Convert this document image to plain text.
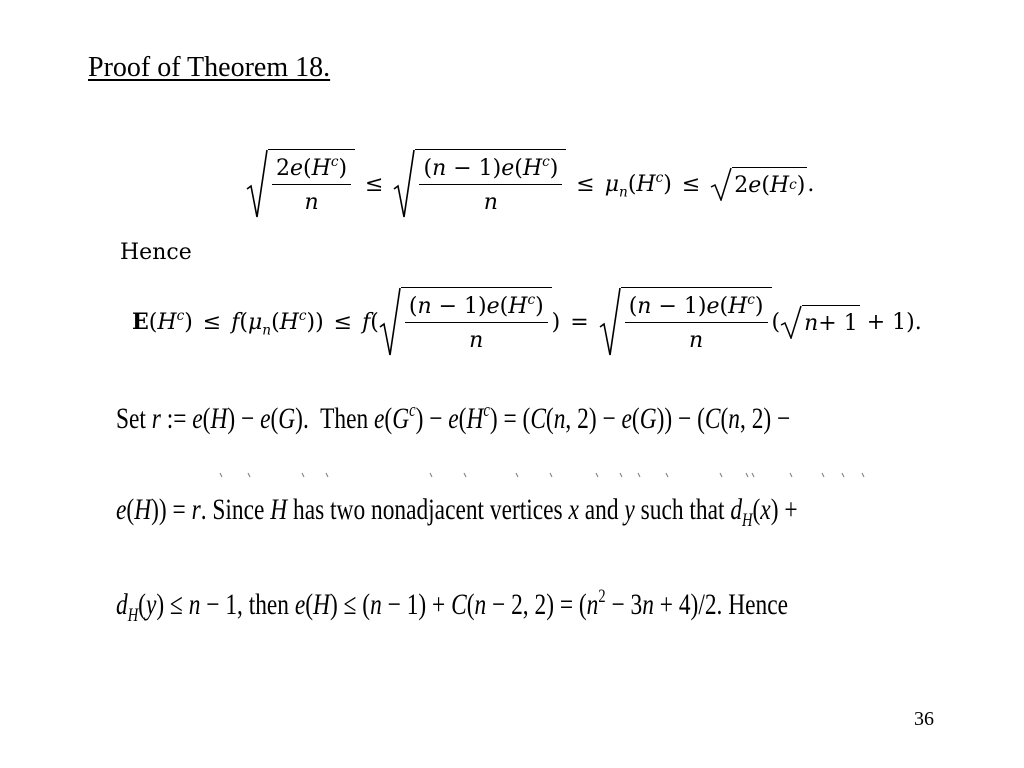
Proof of Theorem 18.
$\frac{2e(H^c)}{n} \le \frac{(n - 1)e(H^c)}{n} \le \mu_n(H^c) \le 2$ e ( H $^c$ ) .
Hence
$E(H^c) \le f(\mu_n(H^c)) \le f( \frac{(n - 1)e(H^c)}{n}$ ) = $\frac{(n - 1)e(H^c)}{n}$ ( n + 1 + 1).
Set r := e(H) − e(G).  Then $e(G^c) - e(H^c) = (C(n$, 2) − e(G)) − (C(n, 2) −
e(H)) = r. Since H has two nonadjacent vertices x and y such that $d_H(x)$ +
$d_H(y) \le n - 1$, then e(H) ≤ (n − 1) + C(n − 2, $2) = (n^2 - 3n + 4)/2$. Hence
36
